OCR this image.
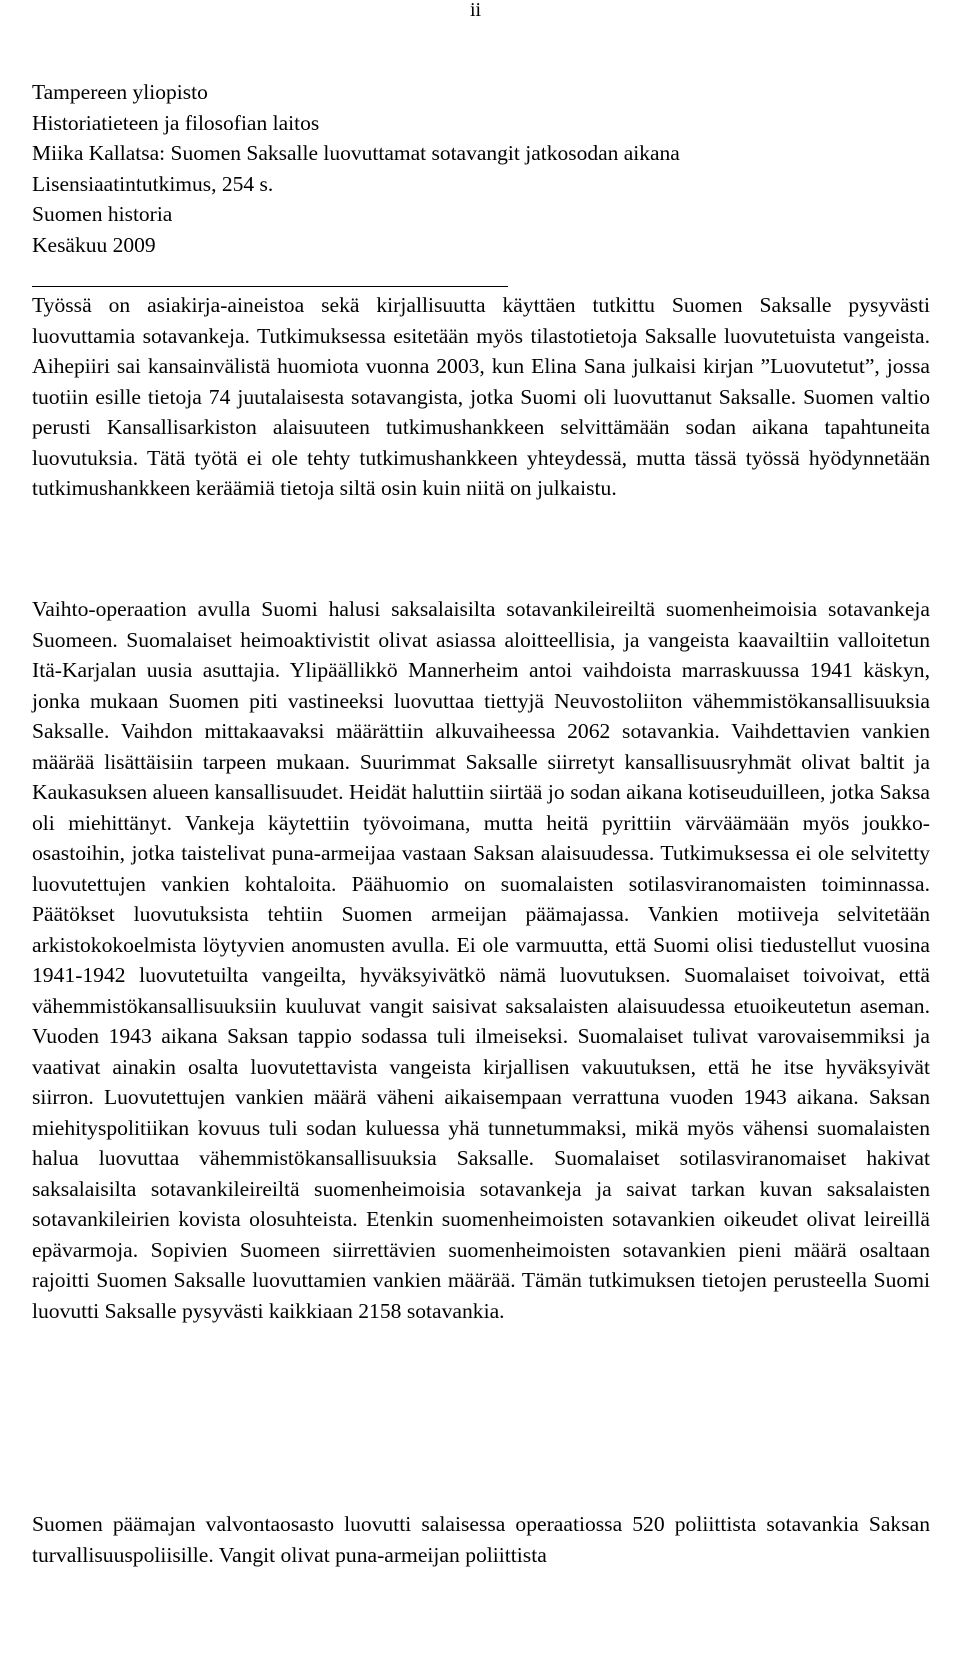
ii
Tampereen yliopisto
Historiatieteen ja filosofian laitos
Miika Kallatsa: Suomen Saksalle luovuttamat sotavangit jatkosodan aikana
Lisensiaatintutkimus, 254 s.
Suomen historia
Kesäkuu 2009

Työssä on asiakirja-aineistoa sekä kirjallisuutta käyttäen tutkittu Suomen Saksalle pysyvästi luovuttamia sotavankeja. Tutkimuksessa esitetään myös tilastotietoja Saksalle luovutetuista vangeista. Aihepiiri sai kansainvälistä huomiota vuonna 2003, kun Elina Sana julkaisi kirjan ”Luovutetut”, jossa tuotiin esille tietoja 74 juutalaisesta sotavangista, jotka Suomi oli luovuttanut Saksalle. Suomen valtio perusti Kansallisarkiston alaisuuteen tutkimushankkeen selvittämään sodan aikana tapahtuneita luovutuksia. Tätä työtä ei ole tehty tutkimushankkeen yhteydessä, mutta tässä työssä hyödynnetään tutkimushankkeen keräämiä tietoja siltä osin kuin niitä on julkaistu.

Vaihto-operaation avulla Suomi halusi saksalaisilta sotavankileireiltä suomenheimoisia sotavankeja Suomeen. Suomalaiset heimoaktivistit olivat asiassa aloitteellisia, ja vangeista kaavailtiin valloitetun Itä-Karjalan uusia asuttajia. Ylipäällikkö Mannerheim antoi vaihdoista marraskuussa 1941 käskyn, jonka mukaan Suomen piti vastineeksi luovuttaa tiettyjä Neuvostoliiton vähemmistökansallisuuksia Saksalle. Vaihdon mittakaavaksi määrättiin alkuvaiheessa 2062 sotavankia. Vaihdettavien vankien määrää lisättäisiin tarpeen mukaan. Suurimmat Saksalle siirretyt kansallisuusryhmät olivat baltit ja Kaukasuksen alueen kansallisuudet. Heidät haluttiin siirtää jo sodan aikana kotiseuduilleen, jotka Saksa oli miehittänyt. Vankeja käytettiin työvoimana, mutta heitä pyrittiin värväämään myös joukko-osastoihin, jotka taistelivat puna-armeijaa vastaan Saksan alaisuudessa. Tutkimuksessa ei ole selvitetty luovutettujen vankien kohtaloita. Päähuomio on suomalaisten sotilasviranomaisten toiminnassa. Päätökset luovutuksista tehtiin Suomen armeijan päämajassa. Vankien motiiveja selvitetään arkistokokoelmista löytyvien anomusten avulla. Ei ole varmuutta, että Suomi olisi tiedustellut vuosina 1941-1942 luovutetuilta vangeilta, hyväksyivätkö nämä luovutuksen. Suomalaiset toivoivat, että vähemmistökansallisuuksiin kuuluvat vangit saisivat saksalaisten alaisuudessa etuoikeutetun aseman. Vuoden 1943 aikana Saksan tappio sodassa tuli ilmeiseksi. Suomalaiset tulivat varovaisemmiksi ja vaativat ainakin osalta luovutettavista vangeista kirjallisen vakuutuksen, että he itse hyväksyivät siirron. Luovutettujen vankien määrä väheni aikaisempaan verrattuna vuoden 1943 aikana. Saksan miehityspolitiikan kovuus tuli sodan kuluessa yhä tunnetummaksi, mikä myös vähensi suomalaisten halua luovuttaa vähemmistökansallisuuksia Saksalle. Suomalaiset sotilasviranomaiset hakivat saksalaisilta sotavankileireiltä suomenheimoisia sotavankeja ja saivat tarkan kuvan saksalaisten sotavankileirien kovista olosuhteista. Etenkin suomenheimoisten sotavankien oikeudet olivat leireillä epävarmoja. Sopivien Suomeen siirrettävien suomenheimoisten sotavankien pieni määrä osaltaan rajoitti Suomen Saksalle luovuttamien vankien määrää. Tämän tutkimuksen tietojen perusteella Suomi luovutti Saksalle pysyvästi kaikkiaan 2158 sotavankia.

Suomen päämajan valvontaosasto luovutti salaisessa operaatiossa 520 poliittista sotavankia Saksan turvallisuuspoliisille. Vangit olivat puna-armeijan poliittista
